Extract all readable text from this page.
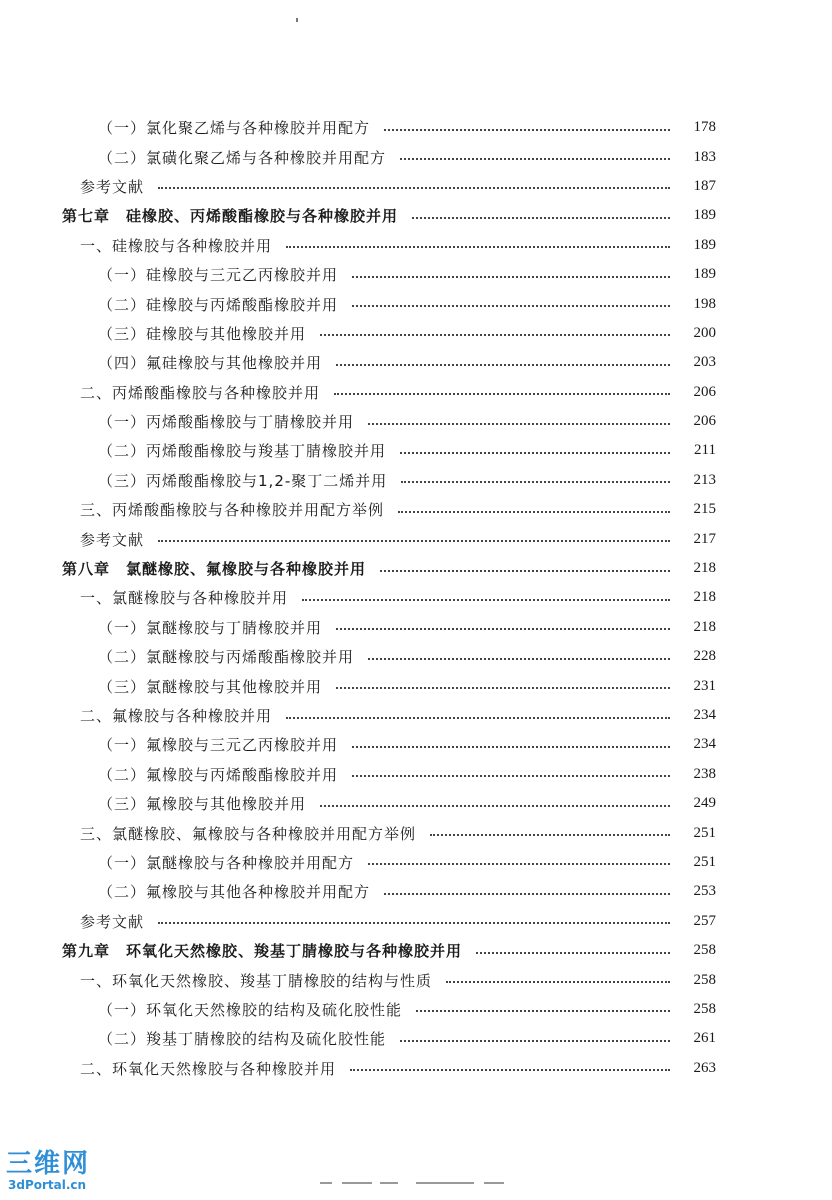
（一）氯化聚乙烯与各种橡胶并用配方	178
（二）氯磺化聚乙烯与各种橡胶并用配方	183
参考文献	187
第七章　硅橡胶、丙烯酸酯橡胶与各种橡胶并用	189
一、硅橡胶与各种橡胶并用	189
（一）硅橡胶与三元乙丙橡胶并用	189
（二）硅橡胶与丙烯酸酯橡胶并用	198
（三）硅橡胶与其他橡胶并用	200
（四）氟硅橡胶与其他橡胶并用	203
二、丙烯酸酯橡胶与各种橡胶并用	206
（一）丙烯酸酯橡胶与丁腈橡胶并用	206
（二）丙烯酸酯橡胶与羧基丁腈橡胶并用	211
（三）丙烯酸酯橡胶与1,2-聚丁二烯并用	213
三、丙烯酸酯橡胶与各种橡胶并用配方举例	215
参考文献	217
第八章　氯醚橡胶、氟橡胶与各种橡胶并用	218
一、氯醚橡胶与各种橡胶并用	218
（一）氯醚橡胶与丁腈橡胶并用	218
（二）氯醚橡胶与丙烯酸酯橡胶并用	228
（三）氯醚橡胶与其他橡胶并用	231
二、氟橡胶与各种橡胶并用	234
（一）氟橡胶与三元乙丙橡胶并用	234
（二）氟橡胶与丙烯酸酯橡胶并用	238
（三）氟橡胶与其他橡胶并用	249
三、氯醚橡胶、氟橡胶与各种橡胶并用配方举例	251
（一）氯醚橡胶与各种橡胶并用配方	251
（二）氟橡胶与其他各种橡胶并用配方	253
参考文献	257
第九章　环氧化天然橡胶、羧基丁腈橡胶与各种橡胶并用	258
一、环氧化天然橡胶、羧基丁腈橡胶的结构与性质	258
（一）环氧化天然橡胶的结构及硫化胶性能	258
（二）羧基丁腈橡胶的结构及硫化胶性能	261
二、环氧化天然橡胶与各种橡胶并用	263
三维网
3dPortal.cn
